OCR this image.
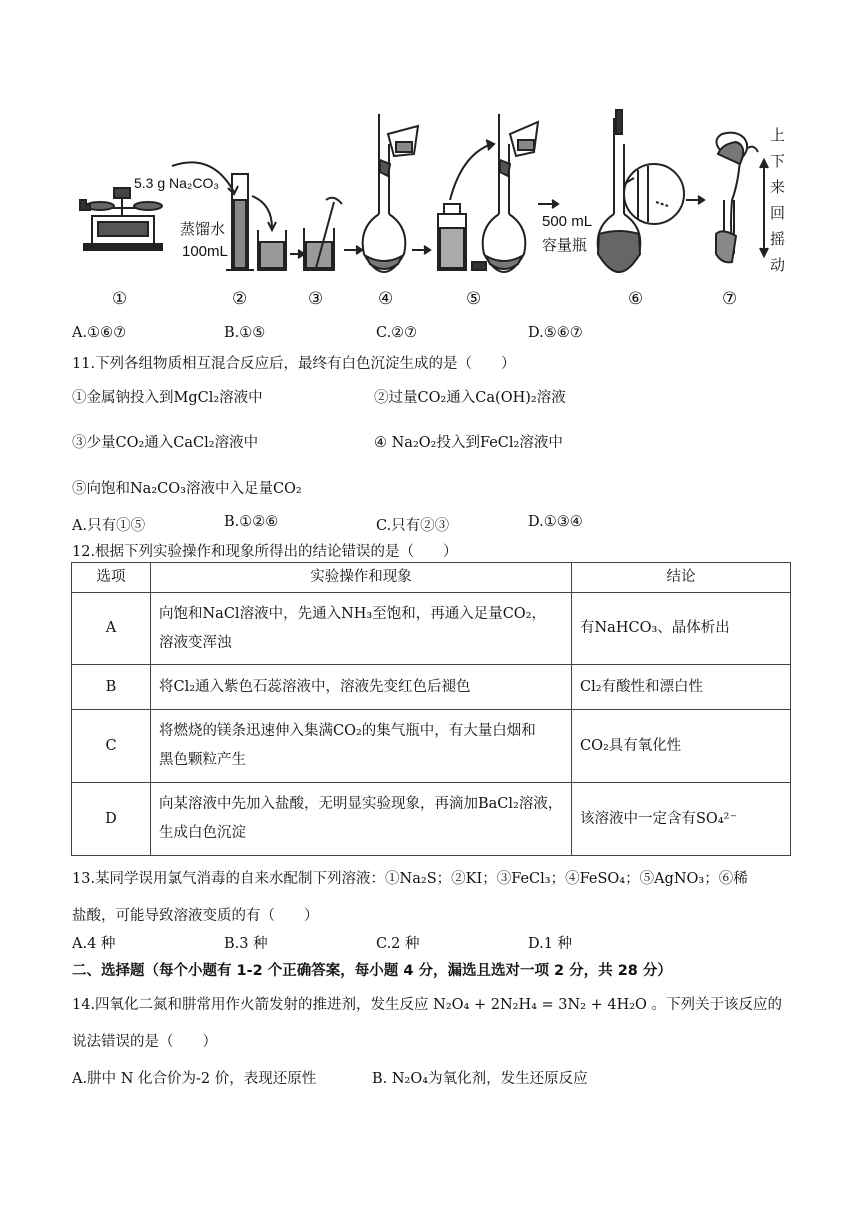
5.3 g Na₂CO₃
蒸馏水
100mL
500 mL
容量瓶
上
下
来
回
摇
动
①	②	③	④	⑤	⑥	⑦
A.①⑥⑦	B.①⑤	C.②⑦	D.⑤⑥⑦
11.下列各组物质相互混合反应后，最终有白色沉淀生成的是（　　）
①金属钠投入到MgCl₂溶液中	②过量CO₂通入Ca(OH)₂溶液
③少量CO₂通入CaCl₂溶液中	④ Na₂O₂投入到FeCl₂溶液中
⑤向饱和Na₂CO₃溶液中入足量CO₂
A.只有①⑤	B.①②⑥	C.只有②③	D.①③④
12.根据下列实验操作和现象所得出的结论错误的是（　　）
选项	实验操作和现象	结论
A	向饱和NaCl溶液中，先通入NH₃至饱和，再通入足量CO₂，
溶液变浑浊	有NaHCO₃、晶体析出
B	将Cl₂通入紫色石蕊溶液中，溶液先变红色后褪色	Cl₂有酸性和漂白性
C	将燃烧的镁条迅速伸入集满CO₂的集气瓶中，有大量白烟和
黑色颗粒产生	CO₂具有氧化性
D	向某溶液中先加入盐酸，无明显实验现象，再滴加BaCl₂溶液，
生成白色沉淀	该溶液中一定含有SO₄²⁻
13.某同学误用氯气消毒的自来水配制下列溶液：①Na₂S；②KI；③FeCl₃；④FeSO₄；⑤AgNO₃；⑥稀
盐酸，可能导致溶液变质的有（　　）
A.4 种	B.3 种	C.2 种	D.1 种
二、选择题（每个小题有 1-2 个正确答案，每小题 4 分，漏选且选对一项 2 分，共 28 分）
14.四氧化二氮和肼常用作火箭发射的推进剂，发生反应 N₂O₄ + 2N₂H₄ = 3N₂ + 4H₂O 。下列关于该反应的
说法错误的是（　　）
A.肼中 N 化合价为-2 价，表现还原性	B. N₂O₄为氧化剂，发生还原反应
